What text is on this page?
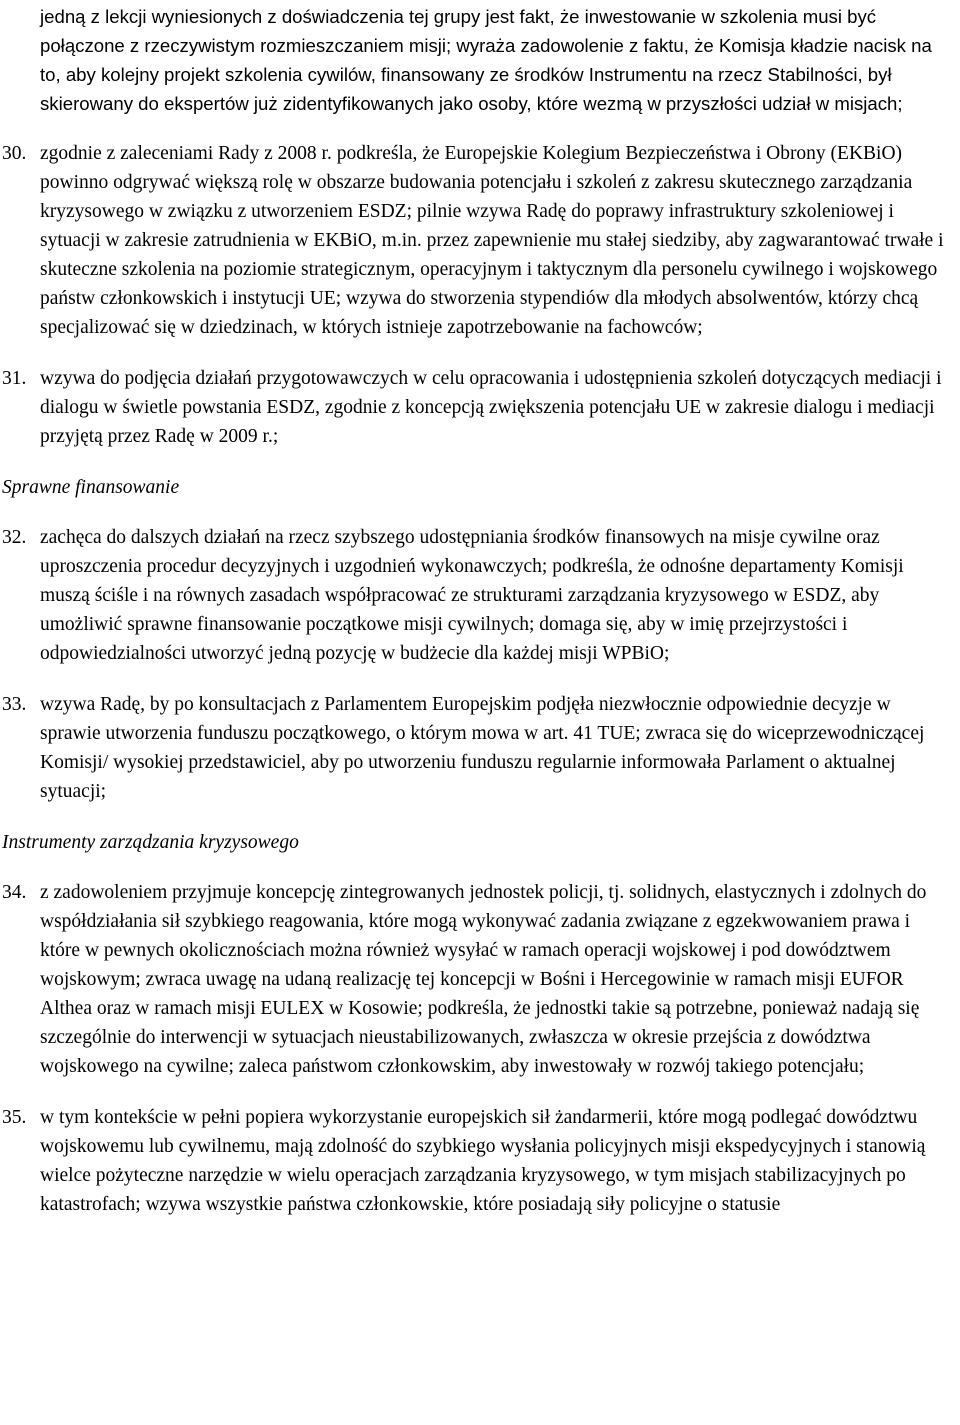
jedną z lekcji wyniesionych z doświadczenia tej grupy jest fakt, że inwestowanie w szkolenia musi być połączone z rzeczywistym rozmieszczaniem misji; wyraża zadowolenie z faktu, że Komisja kładzie nacisk na to, aby kolejny projekt szkolenia cywilów, finansowany ze środków Instrumentu na rzecz Stabilności, był skierowany do ekspertów już zidentyfikowanych jako osoby, które wezmą w przyszłości udział w misjach;
30. zgodnie z zaleceniami Rady z 2008 r. podkreśla, że Europejskie Kolegium Bezpieczeństwa i Obrony (EKBiO) powinno odgrywać większą rolę w obszarze budowania potencjału i szkoleń z zakresu skutecznego zarządzania kryzysowego w związku z utworzeniem ESDZ; pilnie wzywa Radę do poprawy infrastruktury szkoleniowej i sytuacji w zakresie zatrudnienia w EKBiO, m.in. przez zapewnienie mu stałej siedziby, aby zagwarantować trwałe i skuteczne szkolenia na poziomie strategicznym, operacyjnym i taktycznym dla personelu cywilnego i wojskowego państw członkowskich i instytucji UE; wzywa do stworzenia stypendiów dla młodych absolwentów, którzy chcą specjalizować się w dziedzinach, w których istnieje zapotrzebowanie na fachowców;
31. wzywa do podjęcia działań przygotowawczych w celu opracowania i udostępnienia szkoleń dotyczących mediacji i dialogu w świetle powstania ESDZ, zgodnie z koncepcją zwiększenia potencjału UE w zakresie dialogu i mediacji przyjętą przez Radę w 2009 r.;
Sprawne finansowanie
32. zachęca do dalszych działań na rzecz szybszego udostępniania środków finansowych na misje cywilne oraz uproszczenia procedur decyzyjnych i uzgodnień wykonawczych; podkreśla, że odnośne departamenty Komisji muszą ściśle i na równych zasadach współpracować ze strukturami zarządzania kryzysowego w ESDZ, aby umożliwić sprawne finansowanie początkowe misji cywilnych; domaga się, aby w imię przejrzystości i odpowiedzialności utworzyć jedną pozycję w budżecie dla każdej misji WPBiO;
33. wzywa Radę, by po konsultacjach z Parlamentem Europejskim podjęła niezwłocznie odpowiednie decyzje w sprawie utworzenia funduszu początkowego, o którym mowa w art. 41 TUE; zwraca się do wiceprzewodniczącej Komisji/ wysokiej przedstawiciel, aby po utworzeniu funduszu regularnie informowała Parlament o aktualnej sytuacji;
Instrumenty zarządzania kryzysowego
34. z zadowoleniem przyjmuje koncepcję zintegrowanych jednostek policji, tj. solidnych, elastycznych i zdolnych do współdziałania sił szybkiego reagowania, które mogą wykonywać zadania związane z egzekwowaniem prawa i które w pewnych okolicznościach można również wysyłać w ramach operacji wojskowej i pod dowództwem wojskowym; zwraca uwagę na udaną realizację tej koncepcji w Bośni i Hercegowinie w ramach misji EUFOR Althea oraz w ramach misji EULEX w Kosowie; podkreśla, że jednostki takie są potrzebne, ponieważ nadają się szczególnie do interwencji w sytuacjach nieustabilizowanych, zwłaszcza w okresie przejścia z dowództwa wojskowego na cywilne; zaleca państwom członkowskim, aby inwestowały w rozwój takiego potencjału;
35. w tym kontekście w pełni popiera wykorzystanie europejskich sił żandarmerii, które mogą podlegać dowództwu wojskowemu lub cywilnemu, mają zdolność do szybkiego wysłania policyjnych misji ekspedycyjnych i stanowią wielce pożyteczne narzędzie w wielu operacjach zarządzania kryzysowego, w tym misjach stabilizacyjnych po katastrofach; wzywa wszystkie państwa członkowskie, które posiadają siły policyjne o statusie
